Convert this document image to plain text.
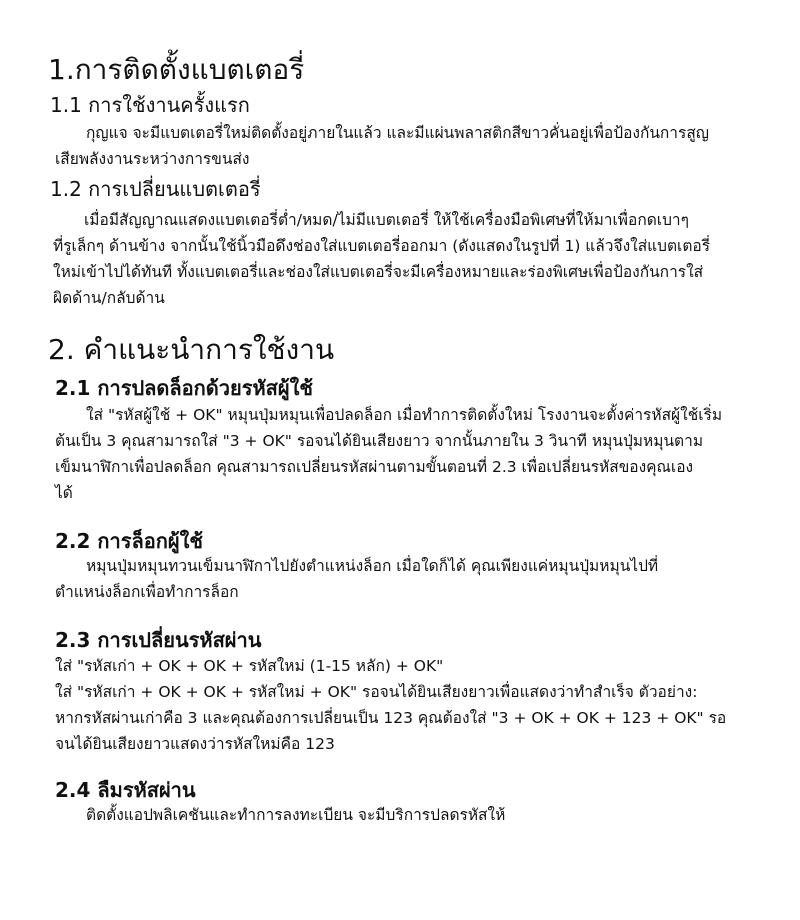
1.การติดตั้งแบตเตอรี่
1.1 การใช้งานครั้งแรก
กุญแจ จะมีแบตเตอรี่ใหม่ติดตั้งอยู่ภายในแล้ว และมีแผ่นพลาสติกสีขาวคั่นอยู่เพื่อป้องกันการสูญ
เสียพลังงานระหว่างการขนส่ง
1.2 การเปลี่ยนแบตเตอรี่
เมื่อมีสัญญาณแสดงแบตเตอรี่ต่ำ/หมด/ไม่มีแบตเตอรี่ ให้ใช้เครื่องมือพิเศษที่ให้มาเพื่อกดเบาๆ
ที่รูเล็กๆ ด้านข้าง จากนั้นใช้นิ้วมือดึงช่องใส่แบตเตอรี่ออกมา (ดังแสดงในรูปที่ 1) แล้วจึงใส่แบตเตอรี่
ใหม่เข้าไปได้ทันที ทั้งแบตเตอรี่และช่องใส่แบตเตอรี่จะมีเครื่องหมายและร่องพิเศษเพื่อป้องกันการใส่
ผิดด้าน/กลับด้าน
2. คำแนะนำการใช้งาน
2.1 การปลดล็อกด้วยรหัสผู้ใช้
ใส่ "รหัสผู้ใช้ + OK" หมุนปุ่มหมุนเพื่อปลดล็อก เมื่อทำการติดตั้งใหม่ โรงงานจะตั้งค่ารหัสผู้ใช้เริ่ม
ต้นเป็น 3 คุณสามารถใส่ "3 + OK" รอจนได้ยินเสียงยาว จากนั้นภายใน 3 วินาที หมุนปุ่มหมุนตาม
เข็มนาฬิกาเพื่อปลดล็อก คุณสามารถเปลี่ยนรหัสผ่านตามขั้นตอนที่ 2.3 เพื่อเปลี่ยนรหัสของคุณเอง
ได้
2.2 การล็อกผู้ใช้
หมุนปุ่มหมุนทวนเข็มนาฬิกาไปยังตำแหน่งล็อก เมื่อใดก็ได้ คุณเพียงแค่หมุนปุ่มหมุนไปที่
ตำแหน่งล็อกเพื่อทำการล็อก
2.3 การเปลี่ยนรหัสผ่าน
ใส่ "รหัสเก่า + OK + OK + รหัสใหม่ (1-15 หลัก) + OK"
ใส่ "รหัสเก่า + OK + OK + รหัสใหม่ + OK" รอจนได้ยินเสียงยาวเพื่อแสดงว่าทำสำเร็จ ตัวอย่าง:
หากรหัสผ่านเก่าคือ 3 และคุณต้องการเปลี่ยนเป็น 123 คุณต้องใส่ "3 + OK + OK + 123 + OK" รอ
จนได้ยินเสียงยาวแสดงว่ารหัสใหม่คือ 123
2.4 ลืมรหัสผ่าน
ติดตั้งแอปพลิเคชันและทำการลงทะเบียน จะมีบริการปลดรหัสให้
